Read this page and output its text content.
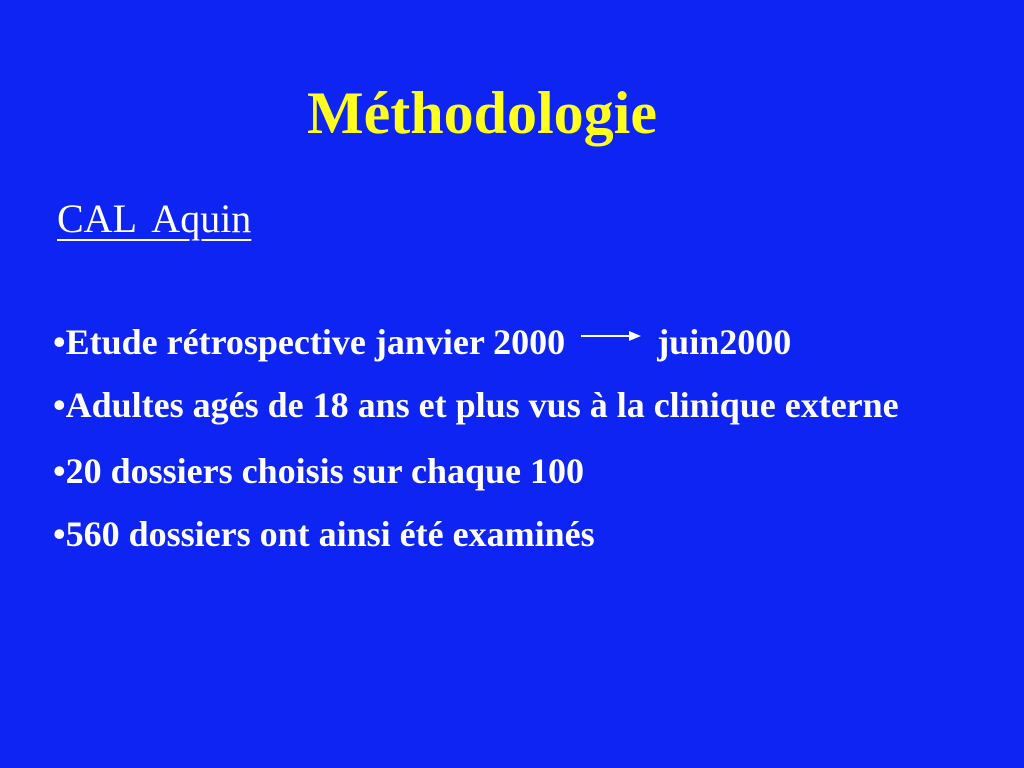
Méthodologie
CAL Aquin
•Etude rétrospective janvier 2000	juin2000
•Adultes agés de 18 ans et plus vus à la clinique externe
•20 dossiers choisis sur chaque 100
•560 dossiers ont ainsi été examinés
